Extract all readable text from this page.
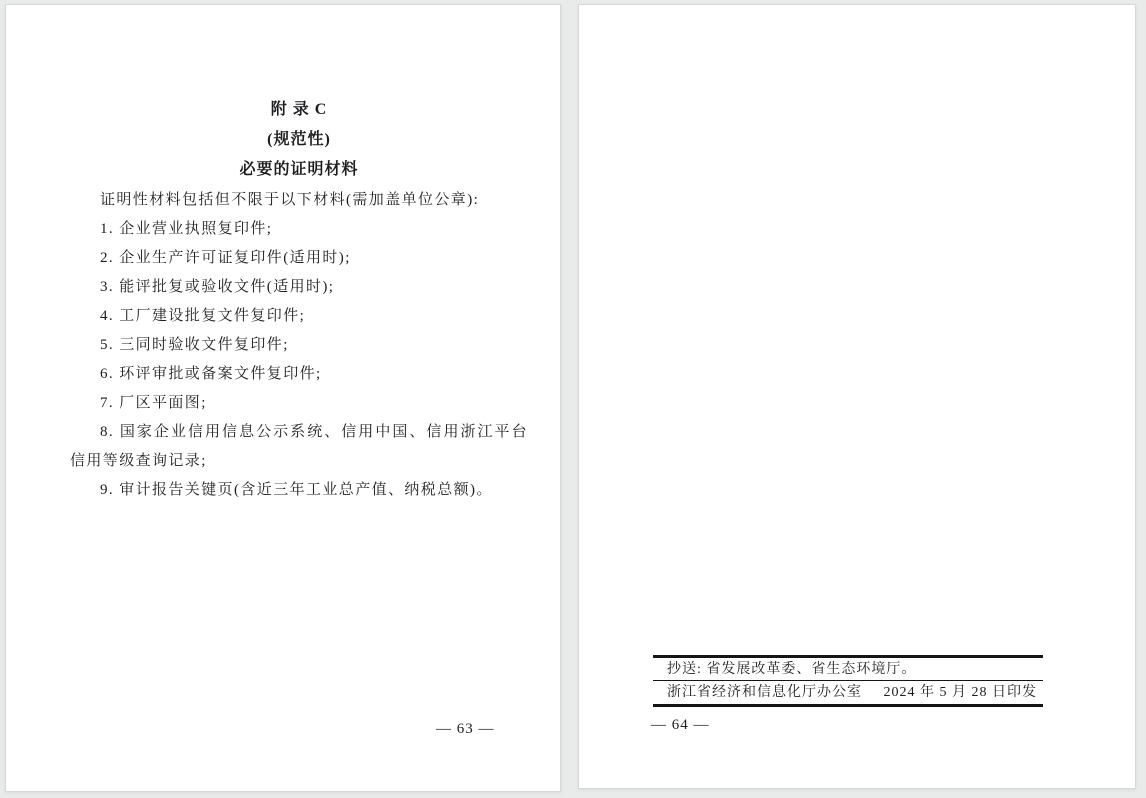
附 录 C
(规范性)
必要的证明材料

证明性材料包括但不限于以下材料(需加盖单位公章):

1. 企业营业执照复印件;

2. 企业生产许可证复印件(适用时);

3. 能评批复或验收文件(适用时);

4. 工厂建设批复文件复印件;

5. 三同时验收文件复印件;

6. 环评审批或备案文件复印件;

7. 厂区平面图;

8. 国家企业信用信息公示系统、信用中国、信用浙江平台信用等级查询记录;

9. 审计报告关键页(含近三年工业总产值、纳税总额)。

— 63 —
抄送: 省发展改革委、省生态环境厅。
浙江省经济和信息化厅办公室 2024 年 5 月 28 日印发
— 64 —
